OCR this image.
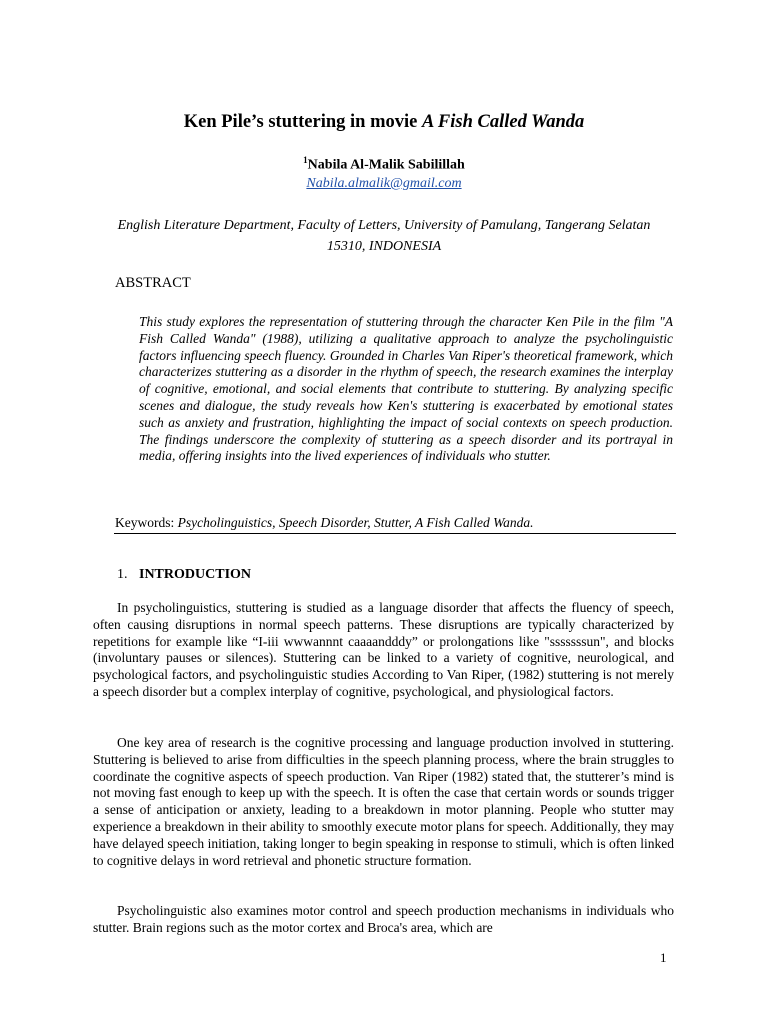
Ken Pile’s stuttering in movie A Fish Called Wanda
$^1$Nabila Al-Malik Sabilillah
Nabila.almalik@gmail.com
English Literature Department, Faculty of Letters, University of Pamulang, Tangerang Selatan 15310, INDONESIA
ABSTRACT
This study explores the representation of stuttering through the character Ken Pile in the film "A Fish Called Wanda" (1988), utilizing a qualitative approach to analyze the psycholinguistic factors influencing speech fluency. Grounded in Charles Van Riper's theoretical framework, which characterizes stuttering as a disorder in the rhythm of speech, the research examines the interplay of cognitive, emotional, and social elements that contribute to stuttering. By analyzing specific scenes and dialogue, the study reveals how Ken's stuttering is exacerbated by emotional states such as anxiety and frustration, highlighting the impact of social contexts on speech production. The findings underscore the complexity of stuttering as a speech disorder and its portrayal in media, offering insights into the lived experiences of individuals who stutter.
Keywords: Psycholinguistics, Speech Disorder, Stutter, A Fish Called Wanda.
1. INTRODUCTION

In psycholinguistics, stuttering is studied as a language disorder that affects the fluency of speech, often causing disruptions in normal speech patterns. These disruptions are typically characterized by repetitions for example like “I-iii wwwannnt caaaandddy” or prolongations like "sssssssun", and blocks (involuntary pauses or silences). Stuttering can be linked to a variety of cognitive, neurological, and psychological factors, and psycholinguistic studies According to Van Riper, (1982) stuttering is not merely a speech disorder but a complex interplay of cognitive, psychological, and physiological factors.

One key area of research is the cognitive processing and language production involved in stuttering. Stuttering is believed to arise from difficulties in the speech planning process, where the brain struggles to coordinate the cognitive aspects of speech production. Van Riper (1982) stated that, the stutterer’s mind is not moving fast enough to keep up with the speech. It is often the case that certain words or sounds trigger a sense of anticipation or anxiety, leading to a breakdown in motor planning. People who stutter may experience a breakdown in their ability to smoothly execute motor plans for speech. Additionally, they may have delayed speech initiation, taking longer to begin speaking in response to stimuli, which is often linked to cognitive delays in word retrieval and phonetic structure formation.

Psycholinguistic also examines motor control and speech production mechanisms in individuals who stutter. Brain regions such as the motor cortex and Broca's area, which are

1
